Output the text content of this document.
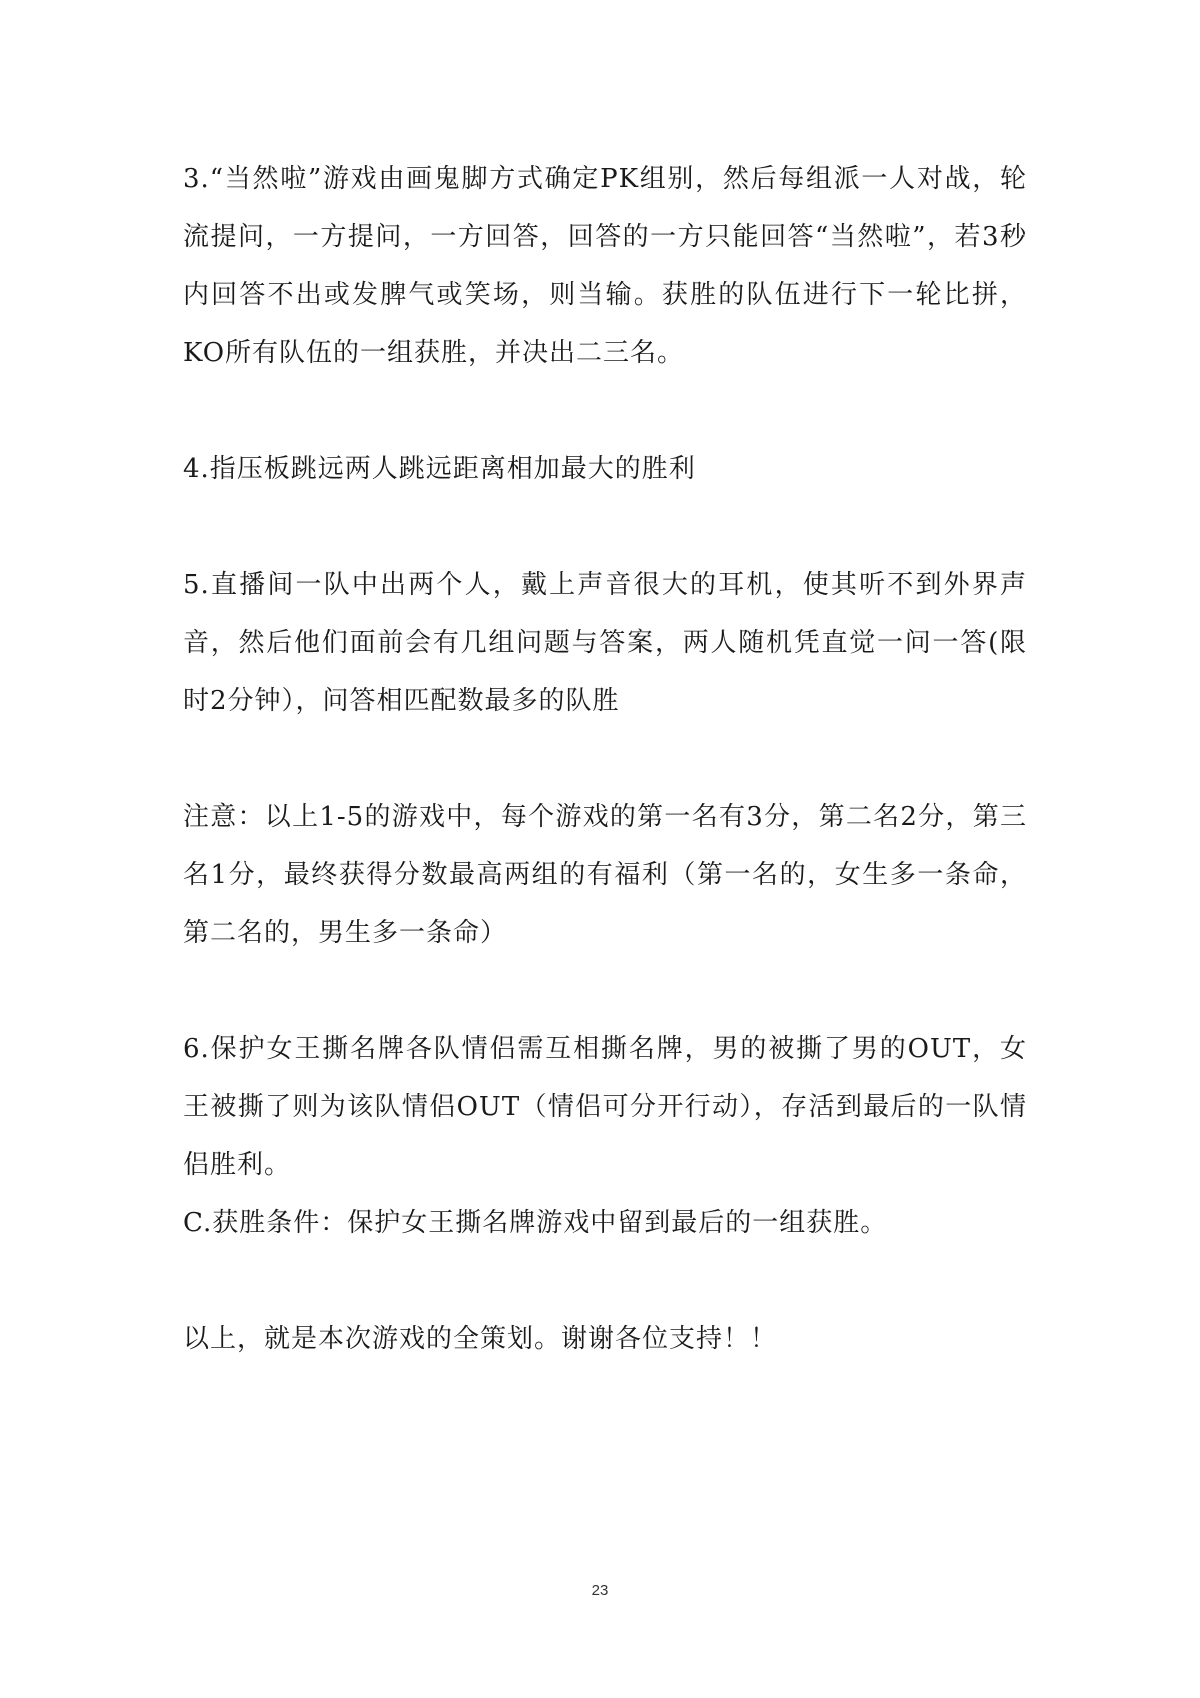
3.“当然啦”游戏由画鬼脚方式确定PK组别，然后每组派一人对战，轮流提问，一方提问，一方回答，回答的一方只能回答“当然啦”，若3秒内回答不出或发脾气或笑场，则当输。获胜的队伍进行下一轮比拼，KO所有队伍的一组获胜，并决出二三名。

4.指压板跳远两人跳远距离相加最大的胜利

5.直播间一队中出两个人，戴上声音很大的耳机，使其听不到外界声音，然后他们面前会有几组问题与答案，两人随机凭直觉一问一答(限时2分钟），问答相匹配数最多的队胜

注意：以上1-5的游戏中，每个游戏的第一名有3分，第二名2分，第三名1分，最终获得分数最高两组的有福利（第一名的，女生多一条命，第二名的，男生多一条命）

6.保护女王撕名牌各队情侣需互相撕名牌，男的被撕了男的OUT，女王被撕了则为该队情侣OUT（情侣可分开行动），存活到最后的一队情侣胜利。

C.获胜条件：保护女王撕名牌游戏中留到最后的一组获胜。

以上，就是本次游戏的全策划。谢谢各位支持！！

23
